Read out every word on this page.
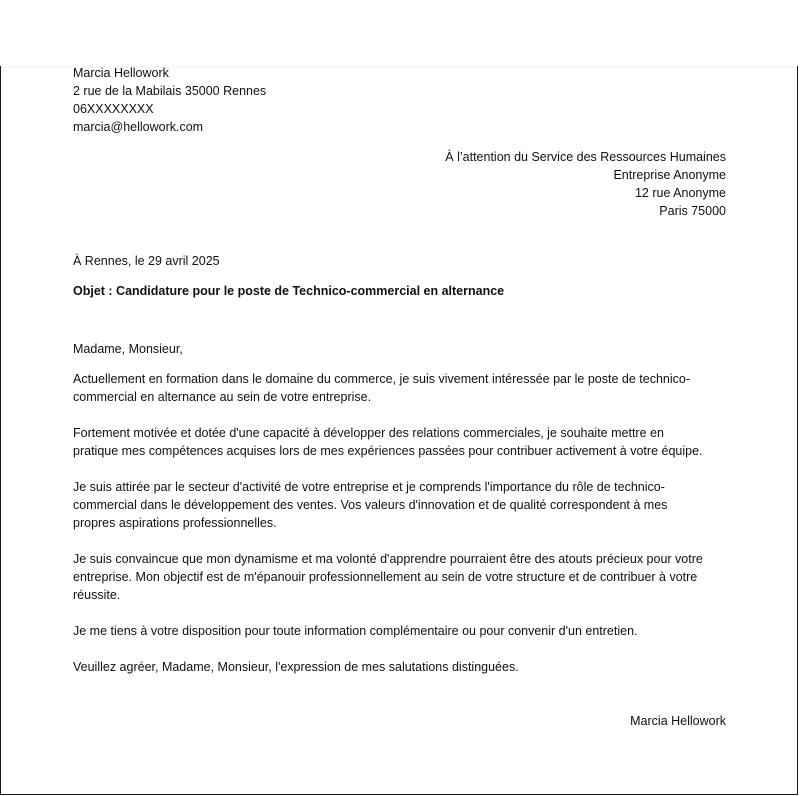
Marcia Hellowork
2 rue de la Mabilais 35000 Rennes
06XXXXXXXX
marcia@hellowork.com
À l’attention du Service des Ressources Humaines
Entreprise Anonyme
12 rue Anonyme
Paris 75000
À Rennes, le 29 avril 2025
Objet : Candidature pour le poste de Technico-commercial en alternance
Madame, Monsieur,
Actuellement en formation dans le domaine du commerce, je suis vivement intéressée par le poste de technico-
commercial en alternance au sein de votre entreprise.
Fortement motivée et dotée d'une capacité à développer des relations commerciales, je souhaite mettre en
pratique mes compétences acquises lors de mes expériences passées pour contribuer activement à votre équipe.
Je suis attirée par le secteur d'activité de votre entreprise et je comprends l'importance du rôle de technico-
commercial dans le développement des ventes. Vos valeurs d'innovation et de qualité correspondent à mes
propres aspirations professionnelles.
Je suis convaincue que mon dynamisme et ma volonté d'apprendre pourraient être des atouts précieux pour votre
entreprise. Mon objectif est de m'épanouir professionnellement au sein de votre structure et de contribuer à votre
réussite.
Je me tiens à votre disposition pour toute information complémentaire ou pour convenir d'un entretien.
Veuillez agréer, Madame, Monsieur, l'expression de mes salutations distinguées.
Marcia Hellowork
